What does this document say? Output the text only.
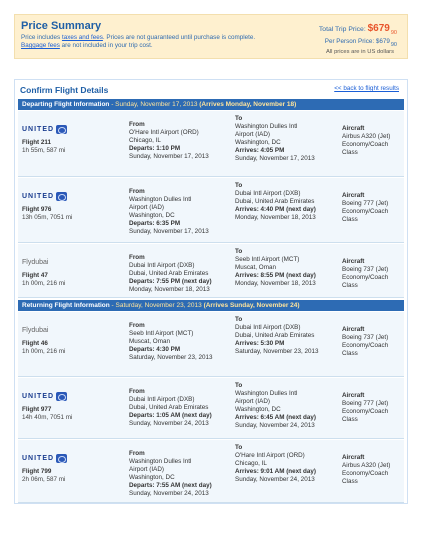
Price Summary
Price includes taxes and fees. Prices are not guaranteed until purchase is complete.
Baggage fees are not included in your trip cost.
Total Trip Price: $\$679_{90}$
Per Person Price: $67990
All prices are in US dollars
Confirm Flight Details	<< back to flight results
Departing Flight Information - Sunday, November 17, 2013 (Arrives Monday, November 18)
Returning Flight Information - Saturday, November 23, 2013 (Arrives Sunday, November 24)
UNITED
Flight 211
1h 55m, 587 mi
From
O'Hare Intl Airport (ORD)
Chicago, IL
Departs: 1:10 PM
Sunday, November 17, 2013
To
Washington Dulles Intl
Airport (IAD)
Washington, DC
Arrives: 4:05 PM
Sunday, November 17, 2013
Aircraft
Airbus A320 (Jet)
Economy/Coach
Class
UNITED
Flight 976
13h 05m, 7051 mi
From
Washington Dulles Intl
Airport (IAD)
Washington, DC
Departs: 6:35 PM
Sunday, November 17, 2013
To
Dubai Intl Airport (DXB)
Dubai, United Arab Emirates
Arrives: 4:40 PM (next day)
Monday, November 18, 2013
Aircraft
Boeing 777 (Jet)
Economy/Coach
Class
Flydubai
Flight 47
1h 00m, 216 mi
From
Dubai Intl Airport (DXB)
Dubai, United Arab Emirates
Departs: 7:55 PM (next day)
Monday, November 18, 2013
To
Seeb Intl Airport (MCT)
Muscat, Oman
Arrives: 8:55 PM (next day)
Monday, November 18, 2013
Aircraft
Boeing 737 (Jet)
Economy/Coach
Class
Flydubai
Flight 46
1h 00m, 216 mi
From
Seeb Intl Airport (MCT)
Muscat, Oman
Departs: 4:30 PM
Saturday, November 23, 2013
To
Dubai Intl Airport (DXB)
Dubai, United Arab Emirates
Arrives: 5:30 PM
Saturday, November 23, 2013
Aircraft
Boeing 737 (Jet)
Economy/Coach
Class
UNITED
Flight 977
14h 40m, 7051 mi
From
Dubai Intl Airport (DXB)
Dubai, United Arab Emirates
Departs: 1:05 AM (next day)
Sunday, November 24, 2013
To
Washington Dulles Intl
Airport (IAD)
Washington, DC
Arrives: 6:45 AM (next day)
Sunday, November 24, 2013
Aircraft
Boeing 777 (Jet)
Economy/Coach
Class
UNITED
Flight 799
2h 06m, 587 mi
From
Washington Dulles Intl
Airport (IAD)
Washington, DC
Departs: 7:55 AM (next day)
Sunday, November 24, 2013
To
O'Hare Intl Airport (ORD)
Chicago, IL
Arrives: 9:01 AM (next day)
Sunday, November 24, 2013
Aircraft
Airbus A320 (Jet)
Economy/Coach
Class
